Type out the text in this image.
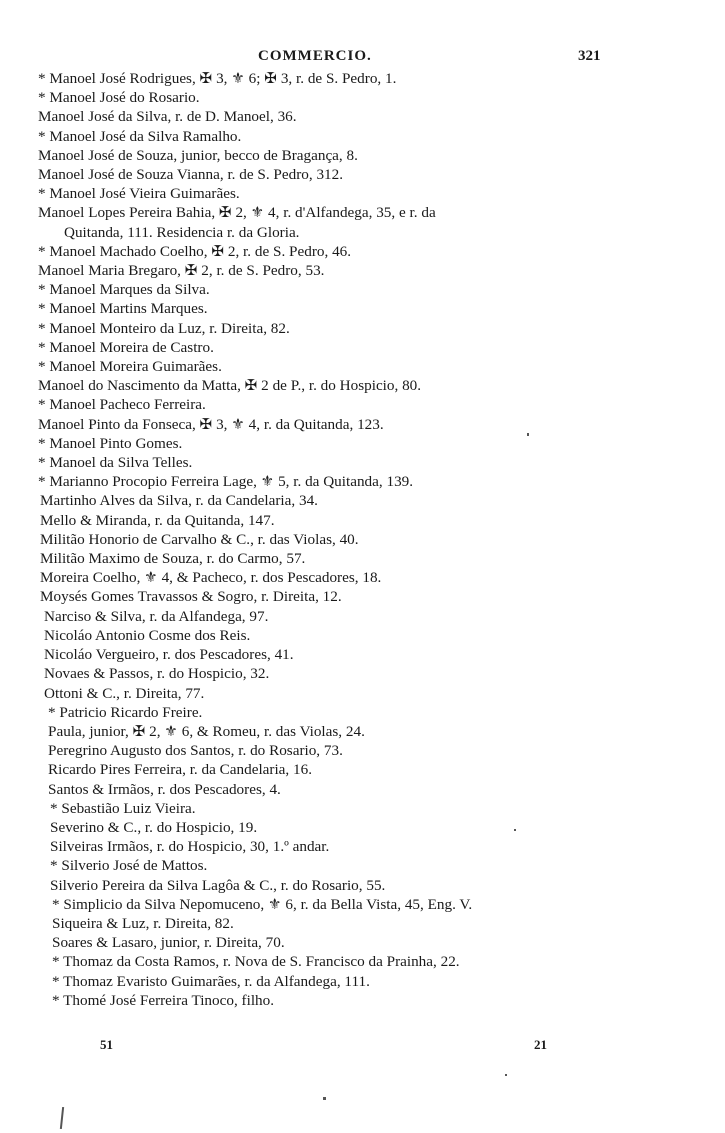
COMMERCIO.	321
* Manoel José Rodrigues, ✠ 3, ⚜ 6; ✠ 3, r. de S. Pedro, 1.
* Manoel José do Rosario.
Manoel José da Silva, r. de D. Manoel, 36.
* Manoel José da Silva Ramalho.
Manoel José de Souza, junior, becco de Bragança, 8.
Manoel José de Souza Vianna, r. de S. Pedro, 312.
* Manoel José Vieira Guimarães.
Manoel Lopes Pereira Bahia, ✠ 2, ⚜ 4, r. d'Alfandega, 35, e r. da
Quitanda, 111. Residencia r. da Gloria.
* Manoel Machado Coelho, ✠ 2, r. de S. Pedro, 46.
Manoel Maria Bregaro, ✠ 2, r. de S. Pedro, 53.
* Manoel Marques da Silva.
* Manoel Martins Marques.
* Manoel Monteiro da Luz, r. Direita, 82.
* Manoel Moreira de Castro.
* Manoel Moreira Guimarães.
Manoel do Nascimento da Matta, ✠ 2 de P., r. do Hospicio, 80.
* Manoel Pacheco Ferreira.
Manoel Pinto da Fonseca, ✠ 3, ⚜ 4, r. da Quitanda, 123.
* Manoel Pinto Gomes.
* Manoel da Silva Telles.
* Marianno Procopio Ferreira Lage, ⚜ 5, r. da Quitanda, 139.
Martinho Alves da Silva, r. da Candelaria, 34.
Mello & Miranda, r. da Quitanda, 147.
Militão Honorio de Carvalho & C., r. das Violas, 40.
Militão Maximo de Souza, r. do Carmo, 57.
Moreira Coelho, ⚜ 4, & Pacheco, r. dos Pescadores, 18.
Moysés Gomes Travassos & Sogro, r. Direita, 12.
Narciso & Silva, r. da Alfandega, 97.
Nicoláo Antonio Cosme dos Reis.
Nicoláo Vergueiro, r. dos Pescadores, 41.
Novaes & Passos, r. do Hospicio, 32.
Ottoni & C., r. Direita, 77.
* Patricio Ricardo Freire.
Paula, junior, ✠ 2, ⚜ 6, & Romeu, r. das Violas, 24.
Peregrino Augusto dos Santos, r. do Rosario, 73.
Ricardo Pires Ferreira, r. da Candelaria, 16.
Santos & Irmãos, r. dos Pescadores, 4.
* Sebastião Luiz Vieira.
Severino & C., r. do Hospicio, 19.
Silveiras Irmãos, r. do Hospicio, 30, 1.º andar.
* Silverio José de Mattos.
Silverio Pereira da Silva Lagôa & C., r. do Rosario, 55.
* Simplicio da Silva Nepomuceno, ⚜ 6, r. da Bella Vista, 45, Eng. V.
Siqueira & Luz, r. Direita, 82.
Soares & Lasaro, junior, r. Direita, 70.
* Thomaz da Costa Ramos, r. Nova de S. Francisco da Prainha, 22.
* Thomaz Evaristo Guimarães, r. da Alfandega, 111.
* Thomé José Ferreira Tinoco, filho.
51	21
